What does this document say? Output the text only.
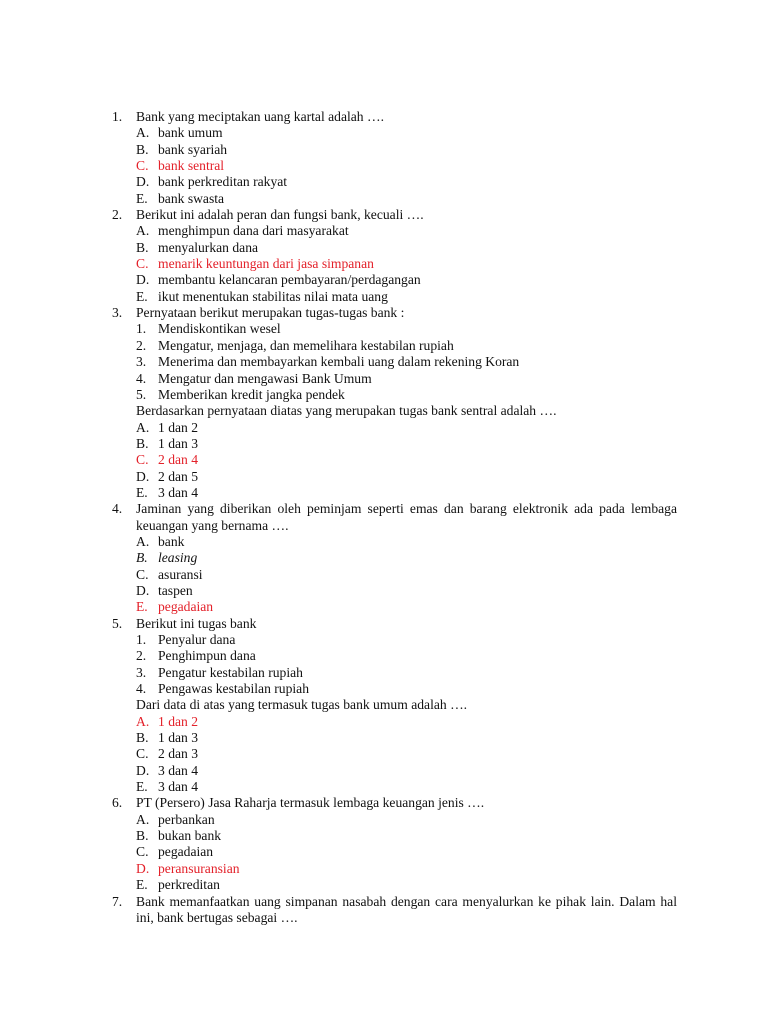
1. Bank yang meciptakan uang kartal adalah ….
A. bank umum
B. bank syariah
C. bank sentral
D. bank perkreditan rakyat
E. bank swasta
2. Berikut ini adalah peran dan fungsi bank, kecuali ….
A. menghimpun dana dari masyarakat
B. menyalurkan dana
C. menarik keuntungan dari jasa simpanan
D. membantu kelancaran pembayaran/perdagangan
E. ikut menentukan stabilitas nilai mata uang
3. Pernyataan berikut merupakan tugas-tugas bank :
1. Mendiskontikan wesel
2. Mengatur, menjaga, dan memelihara kestabilan rupiah
3. Menerima dan membayarkan kembali uang dalam rekening Koran
4. Mengatur dan mengawasi Bank Umum
5. Memberikan kredit jangka pendek
Berdasarkan pernyataan diatas yang merupakan tugas bank sentral adalah ….
A. 1 dan 2
B. 1 dan 3
C. 2 dan 4
D. 2 dan 5
E. 3 dan 4
4. Jaminan yang diberikan oleh peminjam seperti emas dan barang elektronik ada pada lembaga
keuangan yang bernama ….
A. bank
B. leasing
C. asuransi
D. taspen
E. pegadaian
5. Berikut ini tugas bank
1. Penyalur dana
2. Penghimpun dana
3. Pengatur kestabilan rupiah
4. Pengawas kestabilan rupiah
Dari data di atas yang termasuk tugas bank umum adalah ….
A. 1 dan 2
B. 1 dan 3
C. 2 dan 3
D. 3 dan 4
E. 3 dan 4
6. PT (Persero) Jasa Raharja termasuk lembaga keuangan jenis ….
A. perbankan
B. bukan bank
C. pegadaian
D. peransuransian
E. perkreditan
7. Bank memanfaatkan uang simpanan nasabah dengan cara menyalurkan ke pihak lain. Dalam hal
ini, bank bertugas sebagai ….
